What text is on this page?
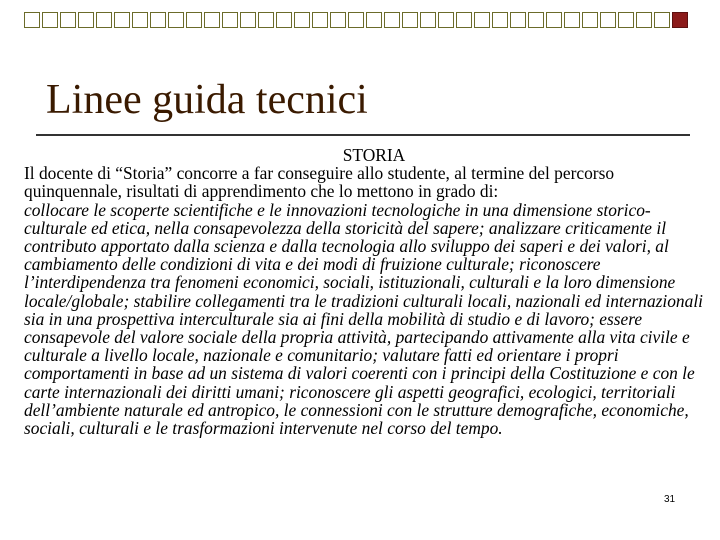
Linee guida tecnici
STORIA
Il docente di “Storia” concorre a far conseguire allo studente, al termine del percorso quinquennale, risultati di apprendimento che lo mettono in grado di:
collocare le scoperte scientifiche e le innovazioni tecnologiche in una dimensione storico-culturale ed etica, nella consapevolezza della storicità del sapere; analizzare criticamente il contributo apportato dalla scienza e dalla tecnologia allo sviluppo dei saperi e dei valori, al cambiamento delle condizioni di vita e dei modi di fruizione culturale; riconoscere l’interdipendenza tra fenomeni economici, sociali, istituzionali, culturali e la loro dimensione locale/globale; stabilire collegamenti tra le tradizioni culturali locali, nazionali ed internazionali sia in una prospettiva interculturale sia ai fini della mobilità di studio e di lavoro; essere consapevole del valore sociale della propria attività, partecipando attivamente alla vita civile e culturale a livello locale, nazionale e comunitario; valutare fatti ed orientare i propri comportamenti in base ad un sistema di valori coerenti con i principi della Costituzione e con le carte internazionali dei diritti umani; riconoscere gli aspetti geografici, ecologici, territoriali dell’ambiente naturale ed antropico, le connessioni con le strutture demografiche, economiche, sociali, culturali e le trasformazioni intervenute nel corso del tempo.
31
